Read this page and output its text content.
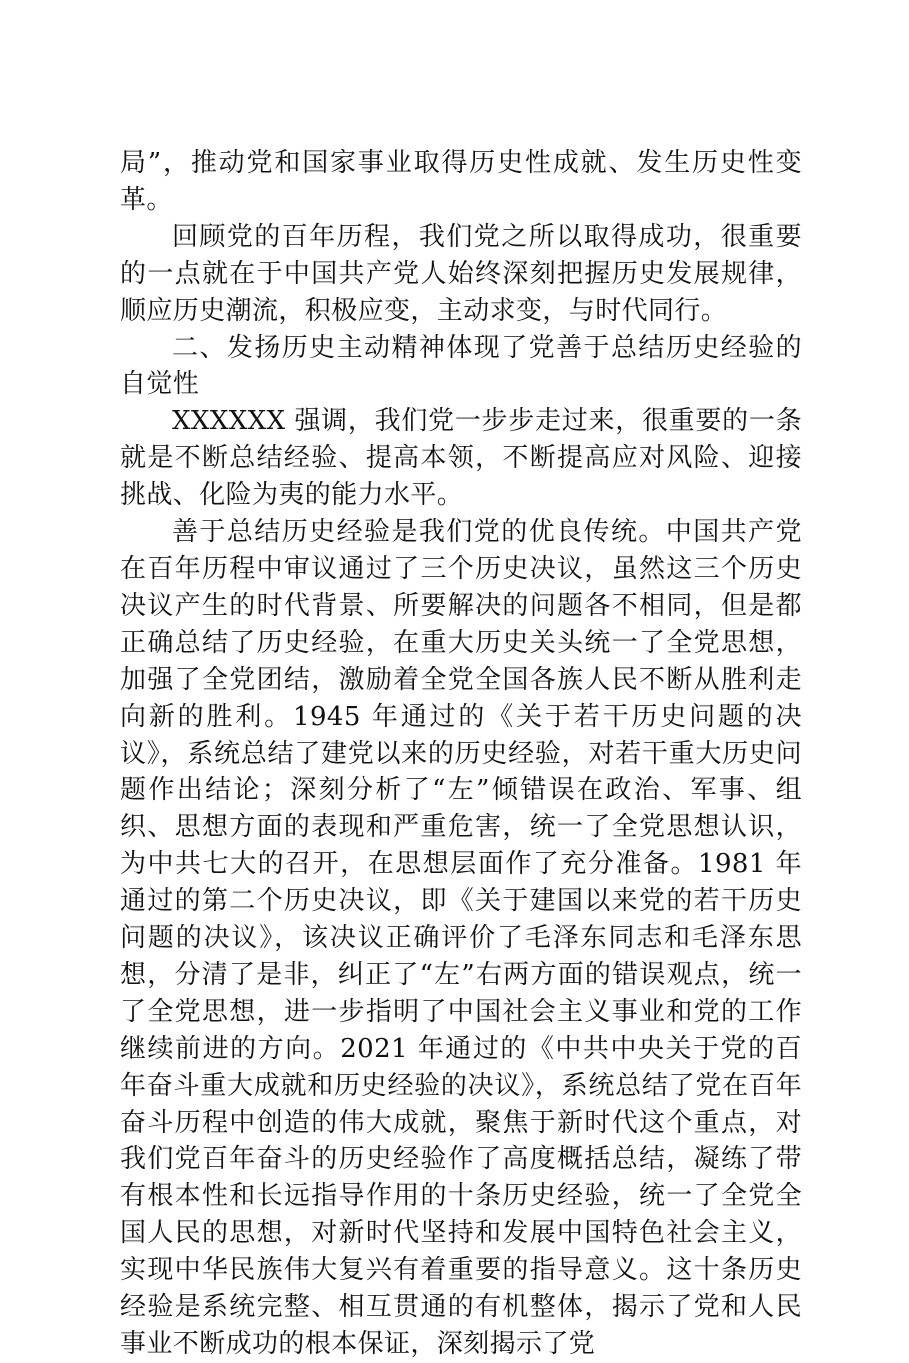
局”，推动党和国家事业取得历史性成就、发生历史性变革。

回顾党的百年历程，我们党之所以取得成功，很重要的一点就在于中国共产党人始终深刻把握历史发展规律，顺应历史潮流，积极应变，主动求变，与时代同行。

二、发扬历史主动精神体现了党善于总结历史经验的自觉性

XXXXXX 强调，我们党一步步走过来，很重要的一条就是不断总结经验、提高本领，不断提高应对风险、迎接挑战、化险为夷的能力水平。

善于总结历史经验是我们党的优良传统。中国共产党在百年历程中审议通过了三个历史决议，虽然这三个历史决议产生的时代背景、所要解决的问题各不相同，但是都正确总结了历史经验，在重大历史关头统一了全党思想，加强了全党团结，激励着全党全国各族人民不断从胜利走向新的胜利。1945 年通过的《关于若干历史问题的决议》，系统总结了建党以来的历史经验，对若干重大历史问题作出结论；深刻分析了“左”倾错误在政治、军事、组织、思想方面的表现和严重危害，统一了全党思想认识，为中共七大的召开，在思想层面作了充分准备。1981 年通过的第二个历史决议，即《关于建国以来党的若干历史问题的决议》，该决议正确评价了毛泽东同志和毛泽东思想，分清了是非，纠正了“左”右两方面的错误观点，统一了全党思想，进一步指明了中国社会主义事业和党的工作继续前进的方向。2021 年通过的《中共中央关于党的百年奋斗重大成就和历史经验的决议》，系统总结了党在百年奋斗历程中创造的伟大成就，聚焦于新时代这个重点，对我们党百年奋斗的历史经验作了高度概括总结，凝练了带有根本性和长远指导作用的十条历史经验，统一了全党全国人民的思想，对新时代坚持和发展中国特色社会主义，实现中华民族伟大复兴有着重要的指导意义。这十条历史经验是系统完整、相互贯通的有机整体，揭示了党和人民事业不断成功的根本保证，深刻揭示了党
